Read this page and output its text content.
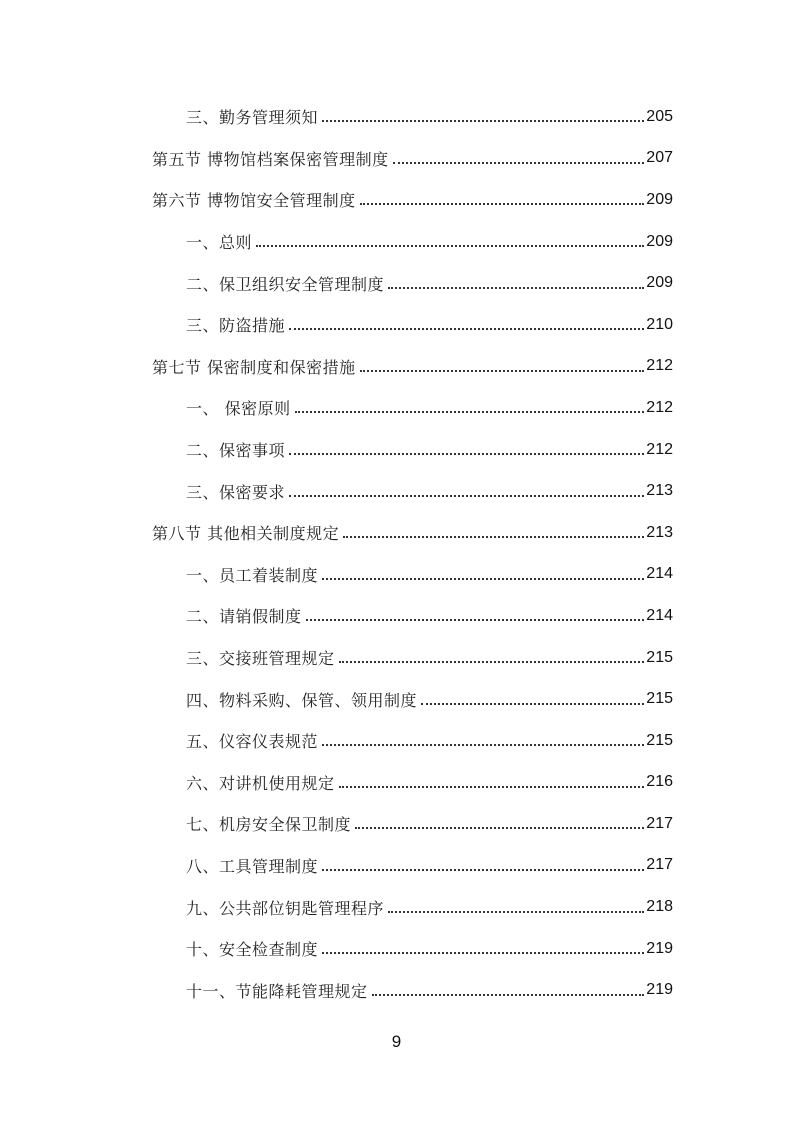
三、勤务管理须知	205
第五节 博物馆档案保密管理制度	207
第六节 博物馆安全管理制度	209
一、总则	209
二、保卫组织安全管理制度	209
三、防盗措施	210
第七节 保密制度和保密措施	212
一、 保密原则	212
二、保密事项	212
三、保密要求	213
第八节 其他相关制度规定	213
一、员工着装制度	214
二、请销假制度	214
三、交接班管理规定	215
四、物料采购、保管、领用制度	215
五、仪容仪表规范	215
六、对讲机使用规定	216
七、机房安全保卫制度	217
八、工具管理制度	217
九、公共部位钥匙管理程序	218
十、安全检查制度	219
十一、节能降耗管理规定	219
9
